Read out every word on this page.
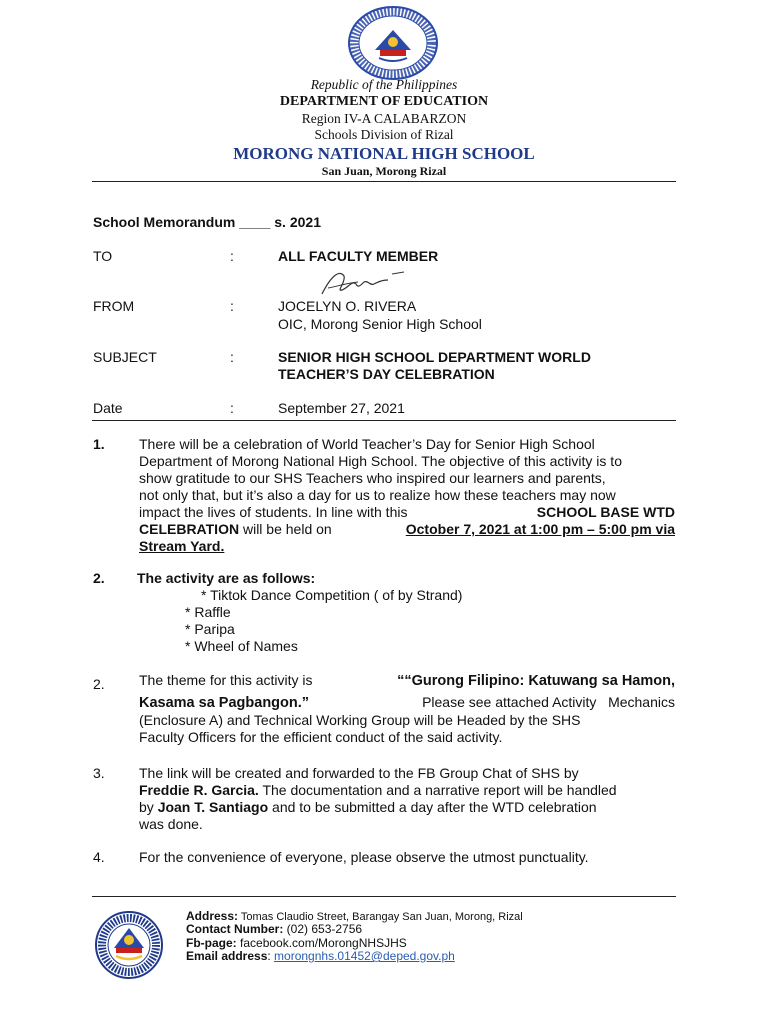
Republic of the Philippines
DEPARTMENT OF EDUCATION
Region IV-A CALABARZON
Schools Division of Rizal
MORONG NATIONAL HIGH SCHOOL
San Juan, Morong Rizal
School Memorandum ____ s. 2021
TO	:	ALL FACULTY MEMBER
FROM	:	JOCELYN O. RIVERA
OIC, Morong Senior High School
SUBJECT	:	SENIOR HIGH SCHOOL DEPARTMENT WORLD
TEACHER’S DAY CELEBRATION
Date	:	September 27, 2021
1. There will be a celebration of World Teacher’s Day for Senior High School
Department of Morong National High School. The objective of this activity is to
show gratitude to our SHS Teachers who inspired our learners and parents,
not only that, but it’s also a day for us to realize how these teachers may now
impact the lives of students. In line with this	SCHOOL BASE WTD
CELEBRATION will be held on	October 7, 2021 at 1:00 pm – 5:00 pm via
Stream Yard.
2. The activity are as follows:
* Tiktok Dance Competition ( of by Strand)
* Raffle
* Paripa
* Wheel of Names
2. The theme for this activity is	““Gurong Filipino: Katuwang sa Hamon,
Kasama sa Pagbangon.”	Please see attached Activity   Mechanics
(Enclosure A) and Technical Working Group will be Headed by the SHS
Faculty Officers for the efficient conduct of the said activity.
3. The link will be created and forwarded to the FB Group Chat of SHS by
Freddie R. Garcia. The documentation and a narrative report will be handled
by Joan T. Santiago and to be submitted a day after the WTD celebration
was done.
4. For the convenience of everyone, please observe the utmost punctuality.
Address: Tomas Claudio Street, Barangay San Juan, Morong, Rizal
Contact Number: (02) 653-2756
Fb-page: facebook.com/MorongNHSJHS
Email address: morongnhs.01452@deped.gov.ph
